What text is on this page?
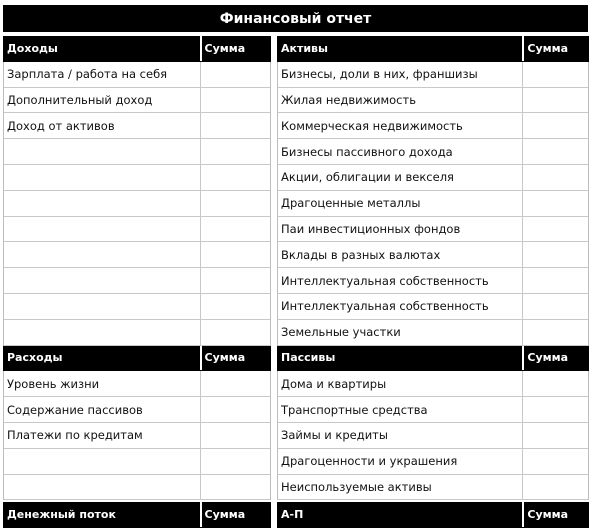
Финансовый отчет
Доходы	Сумма
Зарплата / работа на себя
Дополнительный доход
Доход от активов
Расходы	Сумма
Уровень жизни
Содержание пассивов
Платежи по кредитам
Денежный поток	Сумма
Активы	Сумма
Бизнесы, доли в них, франшизы
Жилая недвижимость
Коммерческая недвижимость
Бизнесы пассивного дохода
Акции, облигации и векселя
Драгоценные металлы
Паи инвестиционных фондов
Вклады в разных валютах
Интеллектуальная собственность
Интеллектуальная собственность
Земельные участки
Пассивы	Сумма
Дома и квартиры
Транспортные средства
Займы и кредиты
Драгоценности и украшения
Неиспользуемые активы
А-П	Сумма
